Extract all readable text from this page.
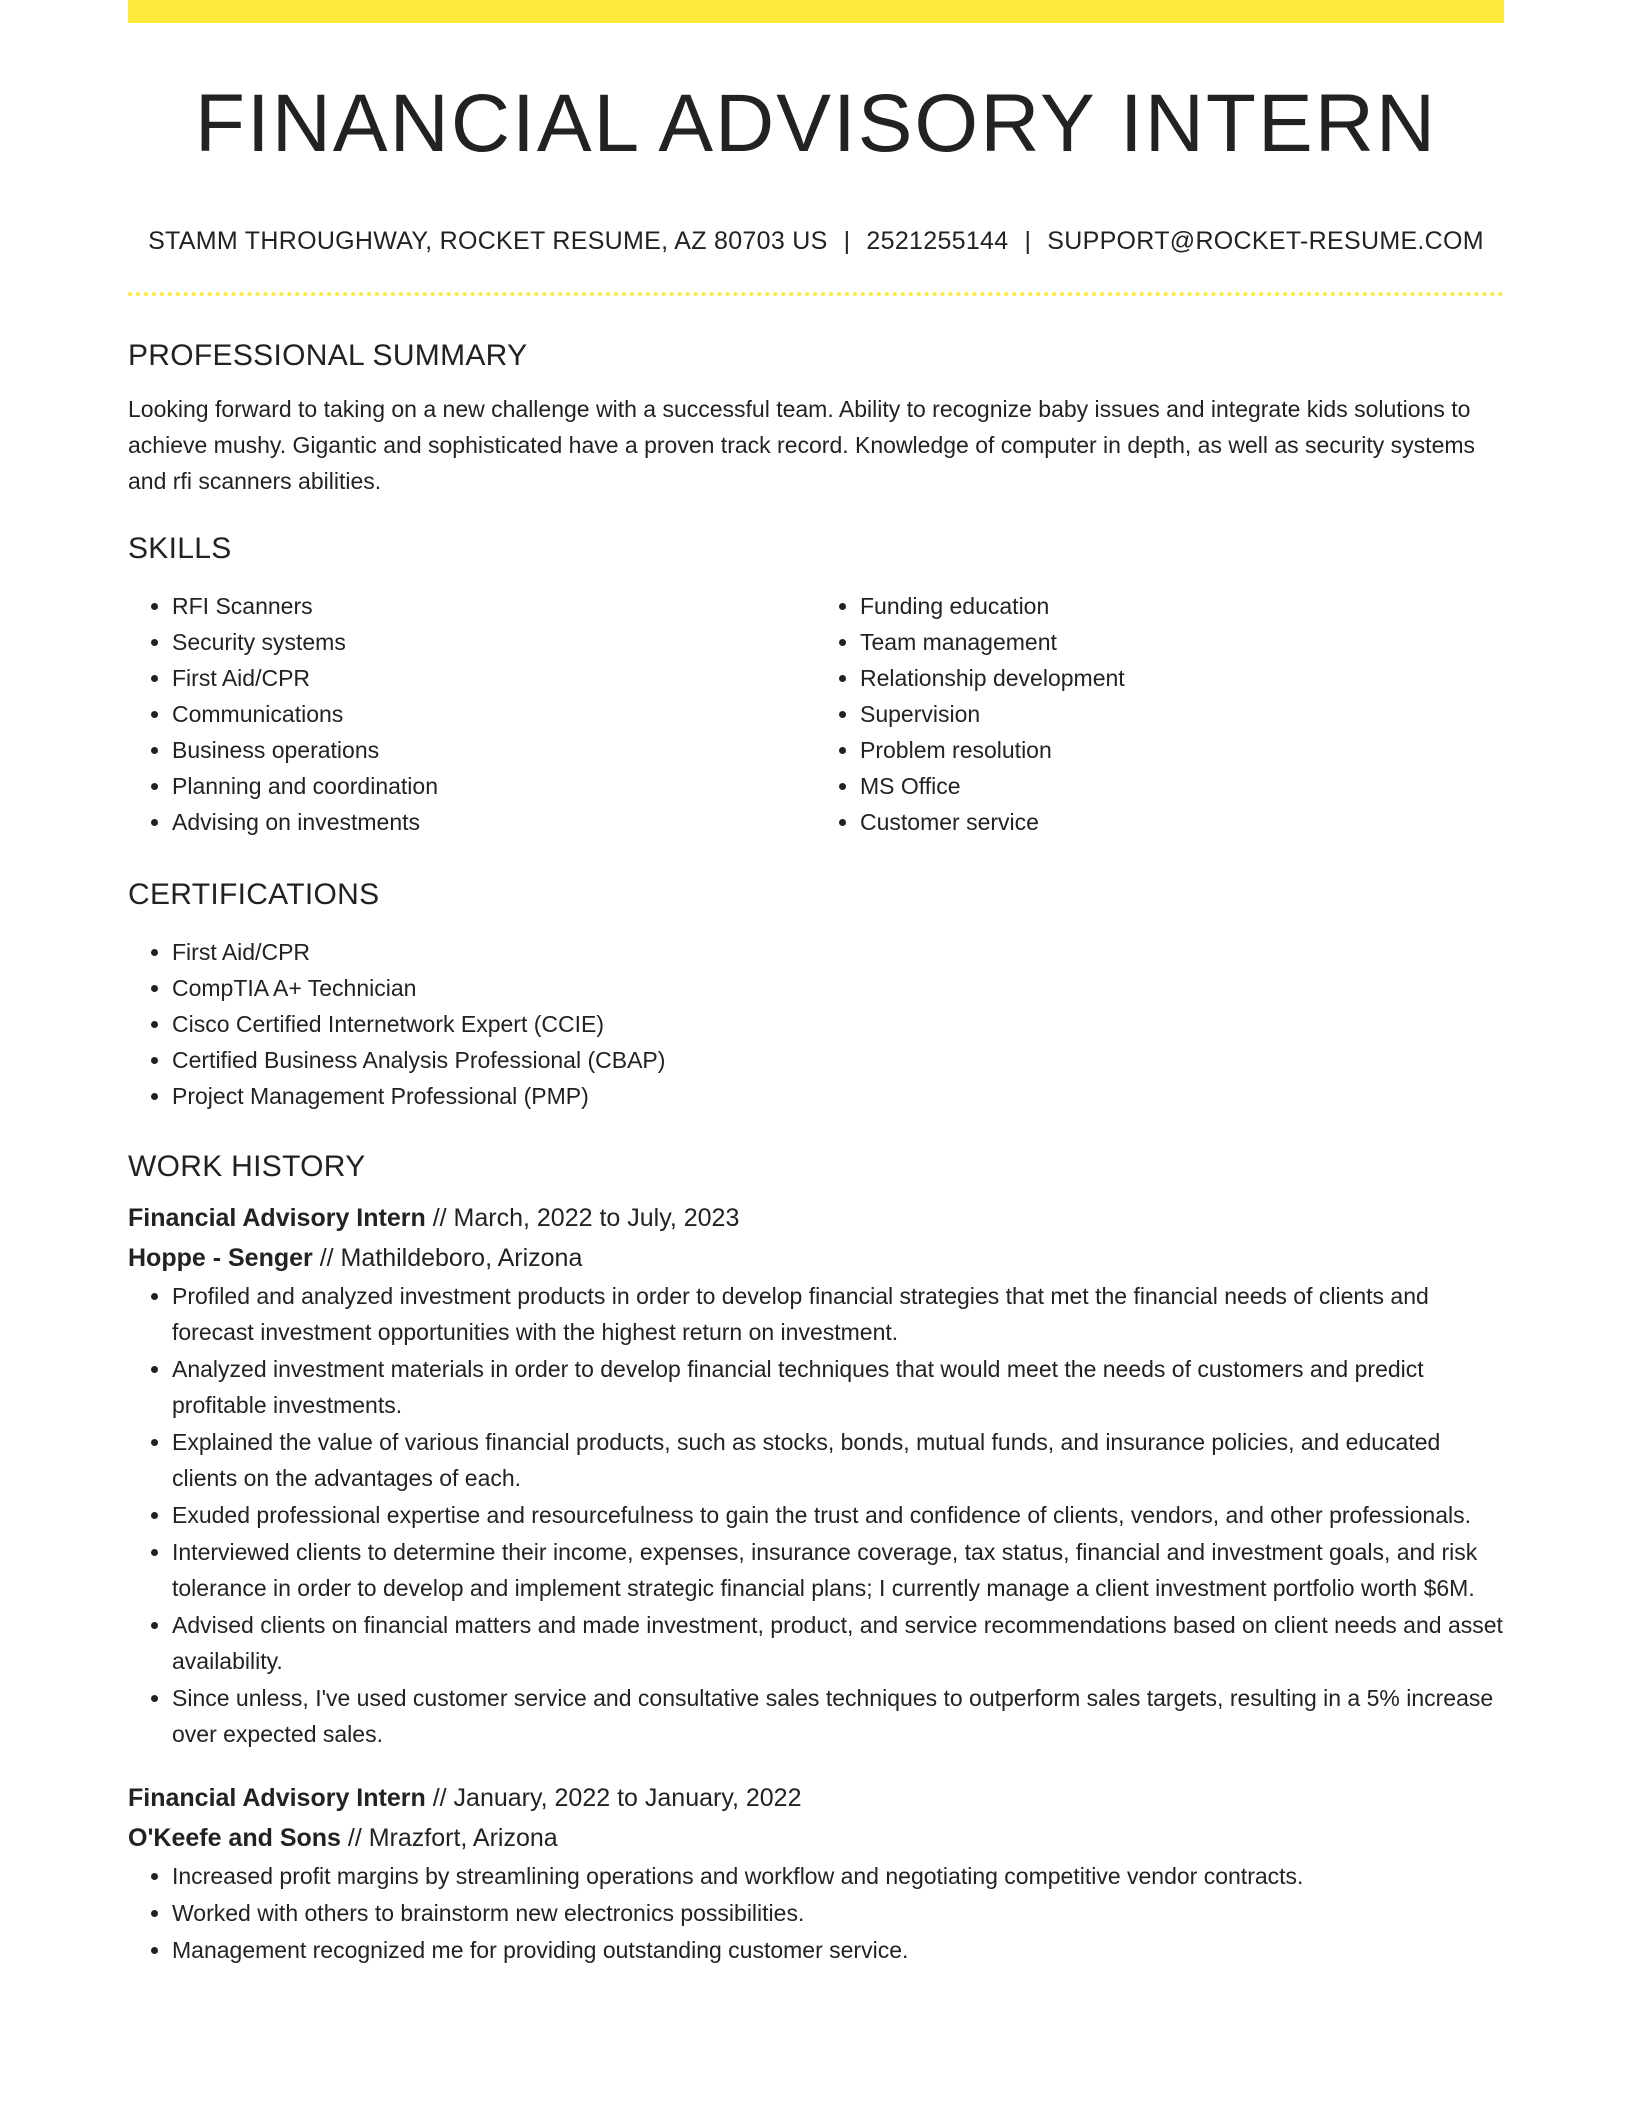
FINANCIAL ADVISORY INTERN
STAMM THROUGHWAY, ROCKET RESUME, AZ 80703 US | 2521255144 | SUPPORT@ROCKET-RESUME.COM
PROFESSIONAL SUMMARY

Looking forward to taking on a new challenge with a successful team. Ability to recognize baby issues and integrate kids solutions to achieve mushy. Gigantic and sophisticated have a proven track record. Knowledge of computer in depth, as well as security systems and rfi scanners abilities.

SKILLS
• RFI Scanners
• Security systems
• First Aid/CPR
• Communications
• Business operations
• Planning and coordination
• Advising on investments
• Funding education
• Team management
• Relationship development
• Supervision
• Problem resolution
• MS Office
• Customer service
CERTIFICATIONS
• First Aid/CPR
• CompTIA A+ Technician
• Cisco Certified Internetwork Expert (CCIE)
• Certified Business Analysis Professional (CBAP)
• Project Management Professional (PMP)
WORK HISTORY

Financial Advisory Intern // March, 2022 to July, 2023

Hoppe - Senger // Mathildeboro, Arizona

• Profiled and analyzed investment products in order to develop financial strategies that met the financial needs of clients and forecast investment opportunities with the highest return on investment.
• Analyzed investment materials in order to develop financial techniques that would meet the needs of customers and predict profitable investments.
• Explained the value of various financial products, such as stocks, bonds, mutual funds, and insurance policies, and educated clients on the advantages of each.
• Exuded professional expertise and resourcefulness to gain the trust and confidence of clients, vendors, and other professionals.
• Interviewed clients to determine their income, expenses, insurance coverage, tax status, financial and investment goals, and risk tolerance in order to develop and implement strategic financial plans; I currently manage a client investment portfolio worth $6M.
• Advised clients on financial matters and made investment, product, and service recommendations based on client needs and asset availability.
• Since unless, I've used customer service and consultative sales techniques to outperform sales targets, resulting in a 5% increase over expected sales.

Financial Advisory Intern // January, 2022 to January, 2022

O'Keefe and Sons // Mrazfort, Arizona

• Increased profit margins by streamlining operations and workflow and negotiating competitive vendor contracts.
• Worked with others to brainstorm new electronics possibilities.
• Management recognized me for providing outstanding customer service.
